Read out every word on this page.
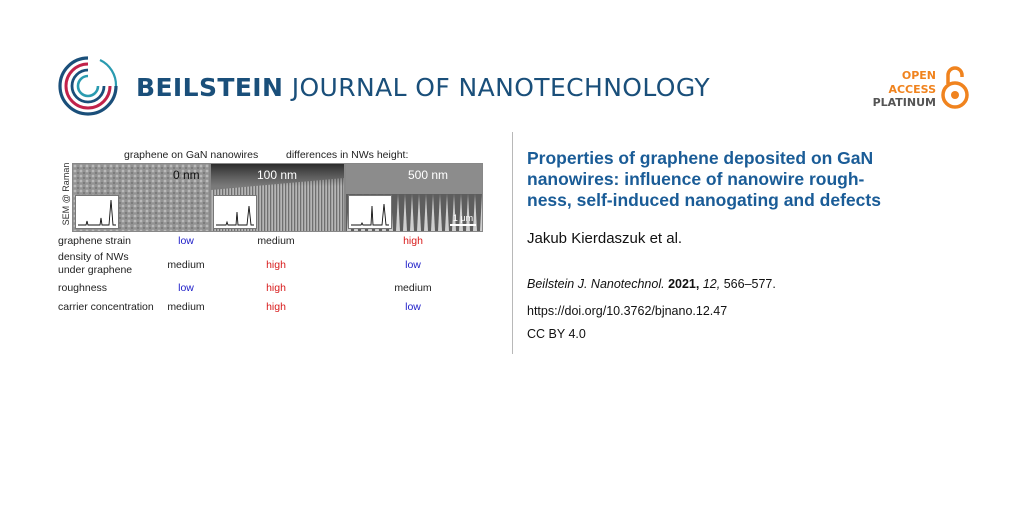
BEILSTEIN JOURNAL OF NANOTECHNOLOGY	OPEN
ACCESS
PLATINUM
graphene on GaN nanowires	differences in NWs height:
SEM @ Raman	0 nm	100 nm	500 nm
1 μm
graphene strain	low	medium	high
density of NWs
under graphene	medium	high	low
roughness	low	high	medium
carrier concentration	medium	high	low
Properties of graphene deposited on GaN
nanowires: influence of nanowire rough-
ness, self-induced nanogating and defects
Jakub Kierdaszuk et al.
Beilstein J. Nanotechnol. 2021, 12, 566–577.
https://doi.org/10.3762/bjnano.12.47
CC BY 4.0
